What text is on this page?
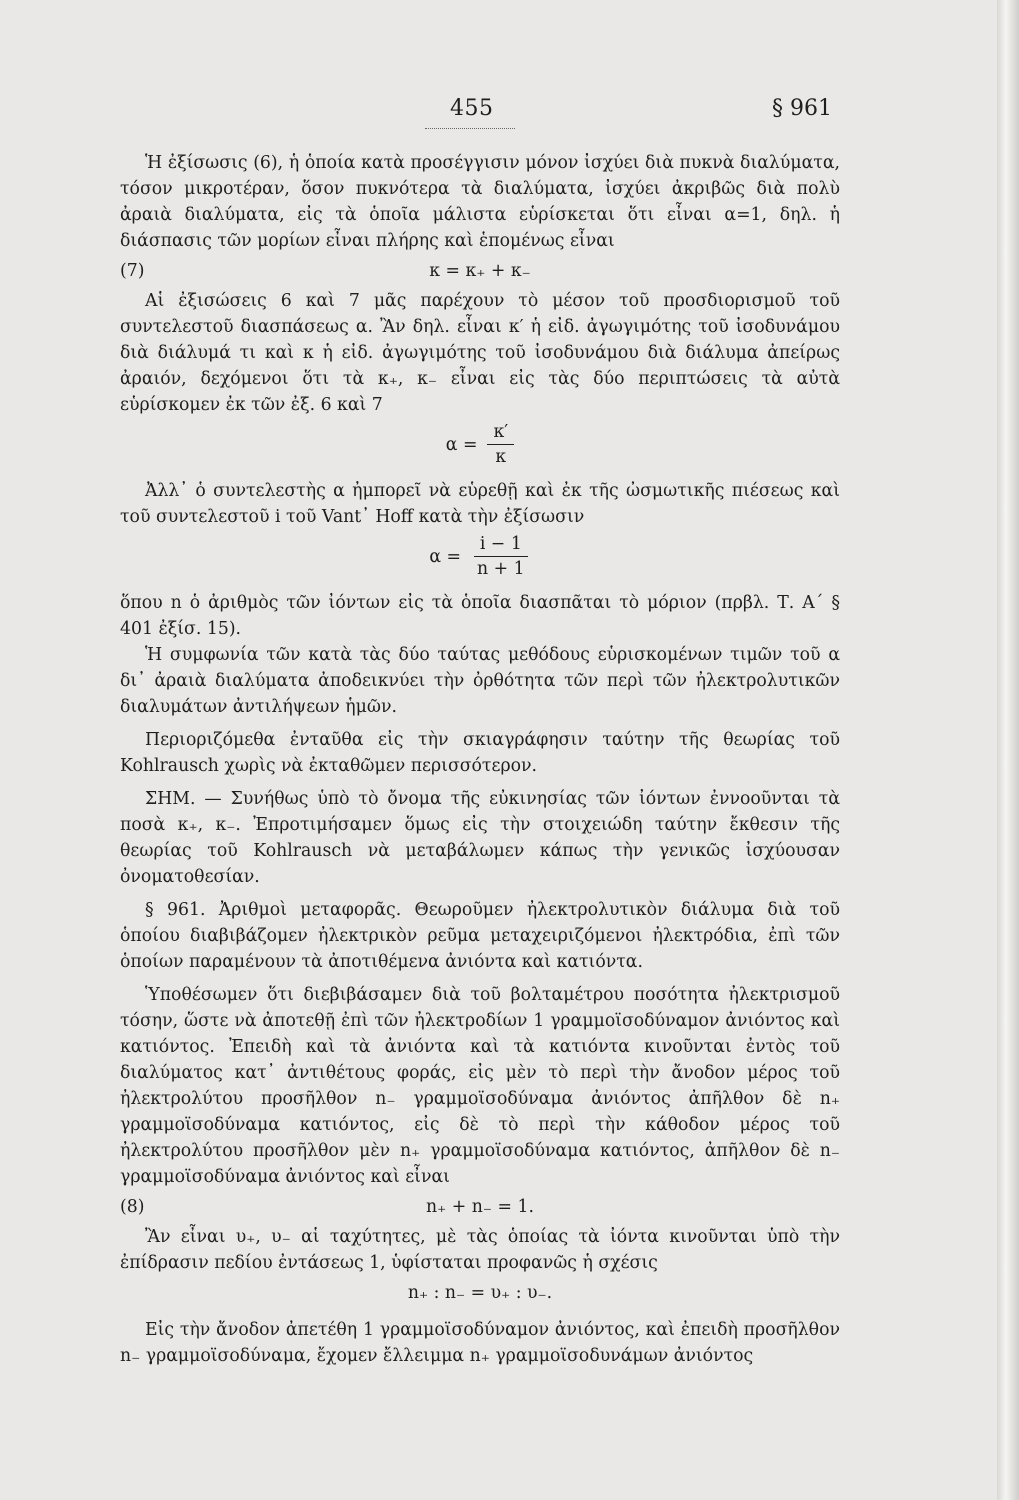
455	§ 961

Ἡ ἐξίσωσις (6), ἡ ὁποία κατὰ προσέγγισιν μόνον ἰσχύει διὰ πυκνὰ διαλύματα, τόσον μικροτέραν, ὅσον πυκνότερα τὰ διαλύματα, ἰσχύει ἀκριβῶς διὰ πολὺ ἀραιὰ διαλύματα, εἰς τὰ ὁποῖα μάλιστα εὑρίσκεται ὅτι εἶναι α=1, δηλ. ἡ διάσπασις τῶν μορίων εἶναι πλήρης καὶ ἑπομένως εἶναι

(7)	κ = κ₊ + κ₋

Αἱ ἐξισώσεις 6 καὶ 7 μᾶς παρέχουν τὸ μέσον τοῦ προσδιορισμοῦ τοῦ συντελεστοῦ διασπάσεως α. Ἂν δηλ. εἶναι κ′ ἡ εἰδ. ἀγωγιμότης τοῦ ἰσοδυνάμου διὰ διάλυμά τι καὶ κ ἡ εἰδ. ἀγωγιμότης τοῦ ἰσοδυνάμου διὰ διάλυμα ἀπείρως ἀραιόν, δεχόμενοι ὅτι τὰ κ₊, κ₋ εἶναι εἰς τὰς δύο περιπτώσεις τὰ αὐτὰ εὑρίσκομεν ἐκ τῶν ἐξ. 6 καὶ 7

$\alpha = \frac{\kappa'}{\kappa}$

Ἀλλ᾽ ὁ συντελεστὴς α ἠμπορεῖ νὰ εὑρεθῇ καὶ ἐκ τῆς ὠσμωτικῆς πιέσεως καὶ τοῦ συντελεστοῦ i τοῦ Vant᾽ Hoff κατὰ τὴν ἐξίσωσιν

$\alpha = \frac{i - 1}{n + 1}$

ὅπου n ὁ ἀριθμὸς τῶν ἰόντων εἰς τὰ ὁποῖα διασπᾶται τὸ μόριον (πρβλ. Τ. Α΄ § 401 ἐξίσ. 15).

Ἡ συμφωνία τῶν κατὰ τὰς δύο ταύτας μεθόδους εὑρισκομένων τιμῶν τοῦ α δι᾽ ἀραιὰ διαλύματα ἀποδεικνύει τὴν ὀρθότητα τῶν περὶ τῶν ἠλεκτρολυτικῶν διαλυμάτων ἀντιλήψεων ἡμῶν.

Περιοριζόμεθα ἐνταῦθα εἰς τὴν σκιαγράφησιν ταύτην τῆς θεωρίας τοῦ Kohlrausch χωρὶς νὰ ἐκταθῶμεν περισσότερον.

ΣΗΜ. — Συνήθως ὑπὸ τὸ ὄνομα τῆς εὐκινησίας τῶν ἰόντων ἐννοοῦνται τὰ ποσὰ κ₊, κ₋. Ἐπροτιμήσαμεν ὅμως εἰς τὴν στοιχειώδη ταύτην ἔκθεσιν τῆς θεωρίας τοῦ Kohlrausch νὰ μεταβάλωμεν κάπως τὴν γενικῶς ἰσχύουσαν ὀνοματοθεσίαν.

§ 961. Ἀριθμοὶ μεταφορᾶς. Θεωροῦμεν ἠλεκτρολυτικὸν διάλυμα διὰ τοῦ ὁποίου διαβιβάζομεν ἠλεκτρικὸν ρεῦμα μεταχειριζόμενοι ἠλεκτρόδια, ἐπὶ τῶν ὁποίων παραμένουν τὰ ἀποτιθέμενα ἀνιόντα καὶ κατιόντα.

Ὑποθέσωμεν ὅτι διεβιβάσαμεν διὰ τοῦ βολταμέτρου ποσότητα ἠλεκτρισμοῦ τόσην, ὥστε νὰ ἀποτεθῇ ἐπὶ τῶν ἠλεκτροδίων 1 γραμμοϊσοδύναμον ἀνιόντος καὶ κατιόντος. Ἐπειδὴ καὶ τὰ ἀνιόντα καὶ τὰ κατιόντα κινοῦνται ἐντὸς τοῦ διαλύματος κατ᾽ ἀντιθέτους φοράς, εἰς μὲν τὸ περὶ τὴν ἄνοδον μέρος τοῦ ἠλεκτρολύτου προσῆλθον n₋ γραμμοϊσοδύναμα ἀνιόντος ἀπῆλθον δὲ n₊ γραμμοϊσοδύναμα κατιόντος, εἰς δὲ τὸ περὶ τὴν κάθοδον μέρος τοῦ ἠλεκτρολύτου προσῆλθον μὲν n₊ γραμμοϊσοδύναμα κατιόντος, ἀπῆλθον δὲ n₋ γραμμοϊσοδύναμα ἀνιόντος καὶ εἶναι

(8)	n₊ + n₋ = 1.

Ἂν εἶναι υ₊, υ₋ αἱ ταχύτητες, μὲ τὰς ὁποίας τὰ ἰόντα κινοῦνται ὑπὸ τὴν ἐπίδρασιν πεδίου ἐντάσεως 1, ὑφίσταται προφανῶς ἡ σχέσις

n₊ : n₋ = υ₊ : υ₋.

Εἰς τὴν ἄνοδον ἀπετέθη 1 γραμμοϊσοδύναμον ἀνιόντος, καὶ ἐπειδὴ προσῆλθον n₋ γραμμοϊσοδύναμα, ἔχομεν ἔλλειμμα n₊ γραμμοϊσοδυνάμων ἀνιόντος
